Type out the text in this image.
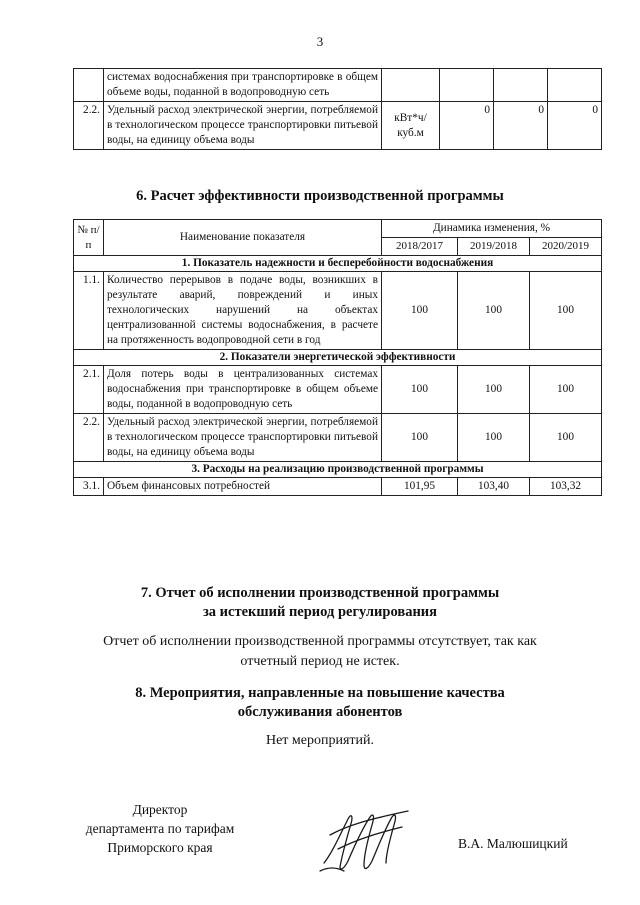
3
	системах водоснабжения при транспортировке в общем объеме воды, поданной в водопроводную сеть				
2.2.	Удельный расход электрической энергии, потребляемой в технологическом процессе транспортировки питьевой воды, на единицу объема воды	кВт*ч/ куб.м	0	0	0
6. Расчет эффективности производственной программы
№ п/п	Наименование показателя	Динамика изменения, %		
		2018/2017	2019/2018	2020/2019
1. Показатель надежности и бесперебойности водоснабжения				
1.1.	Количество перерывов в подаче воды, возникших в результате аварий, повреждений и иных технологических нарушений на объектах централизованной системы водоснабжения, в расчете на протяженность водопроводной сети в год	100	100	100
2. Показатели энергетической эффективности				
2.1.	Доля потерь воды в централизованных системах водоснабжения при транспортировке в общем объеме воды, поданной в водопроводную сеть	100	100	100
2.2.	Удельный расход электрической энергии, потребляемой в технологическом процессе транспортировки питьевой воды, на единицу объема воды	100	100	100
3. Расходы на реализацию производственной программы				
3.1.	Объем финансовых потребностей	101,95	103,40	103,32
7. Отчет об исполнении производственной программы
за истекший период регулирования
Отчет об исполнении производственной программы отсутствует, так как
отчетный период не истек.
8. Мероприятия, направленные на повышение качества
обслуживания абонентов
Нет мероприятий.
Директор
департамента по тарифам
Приморского края	В.А. Малюшицкий
